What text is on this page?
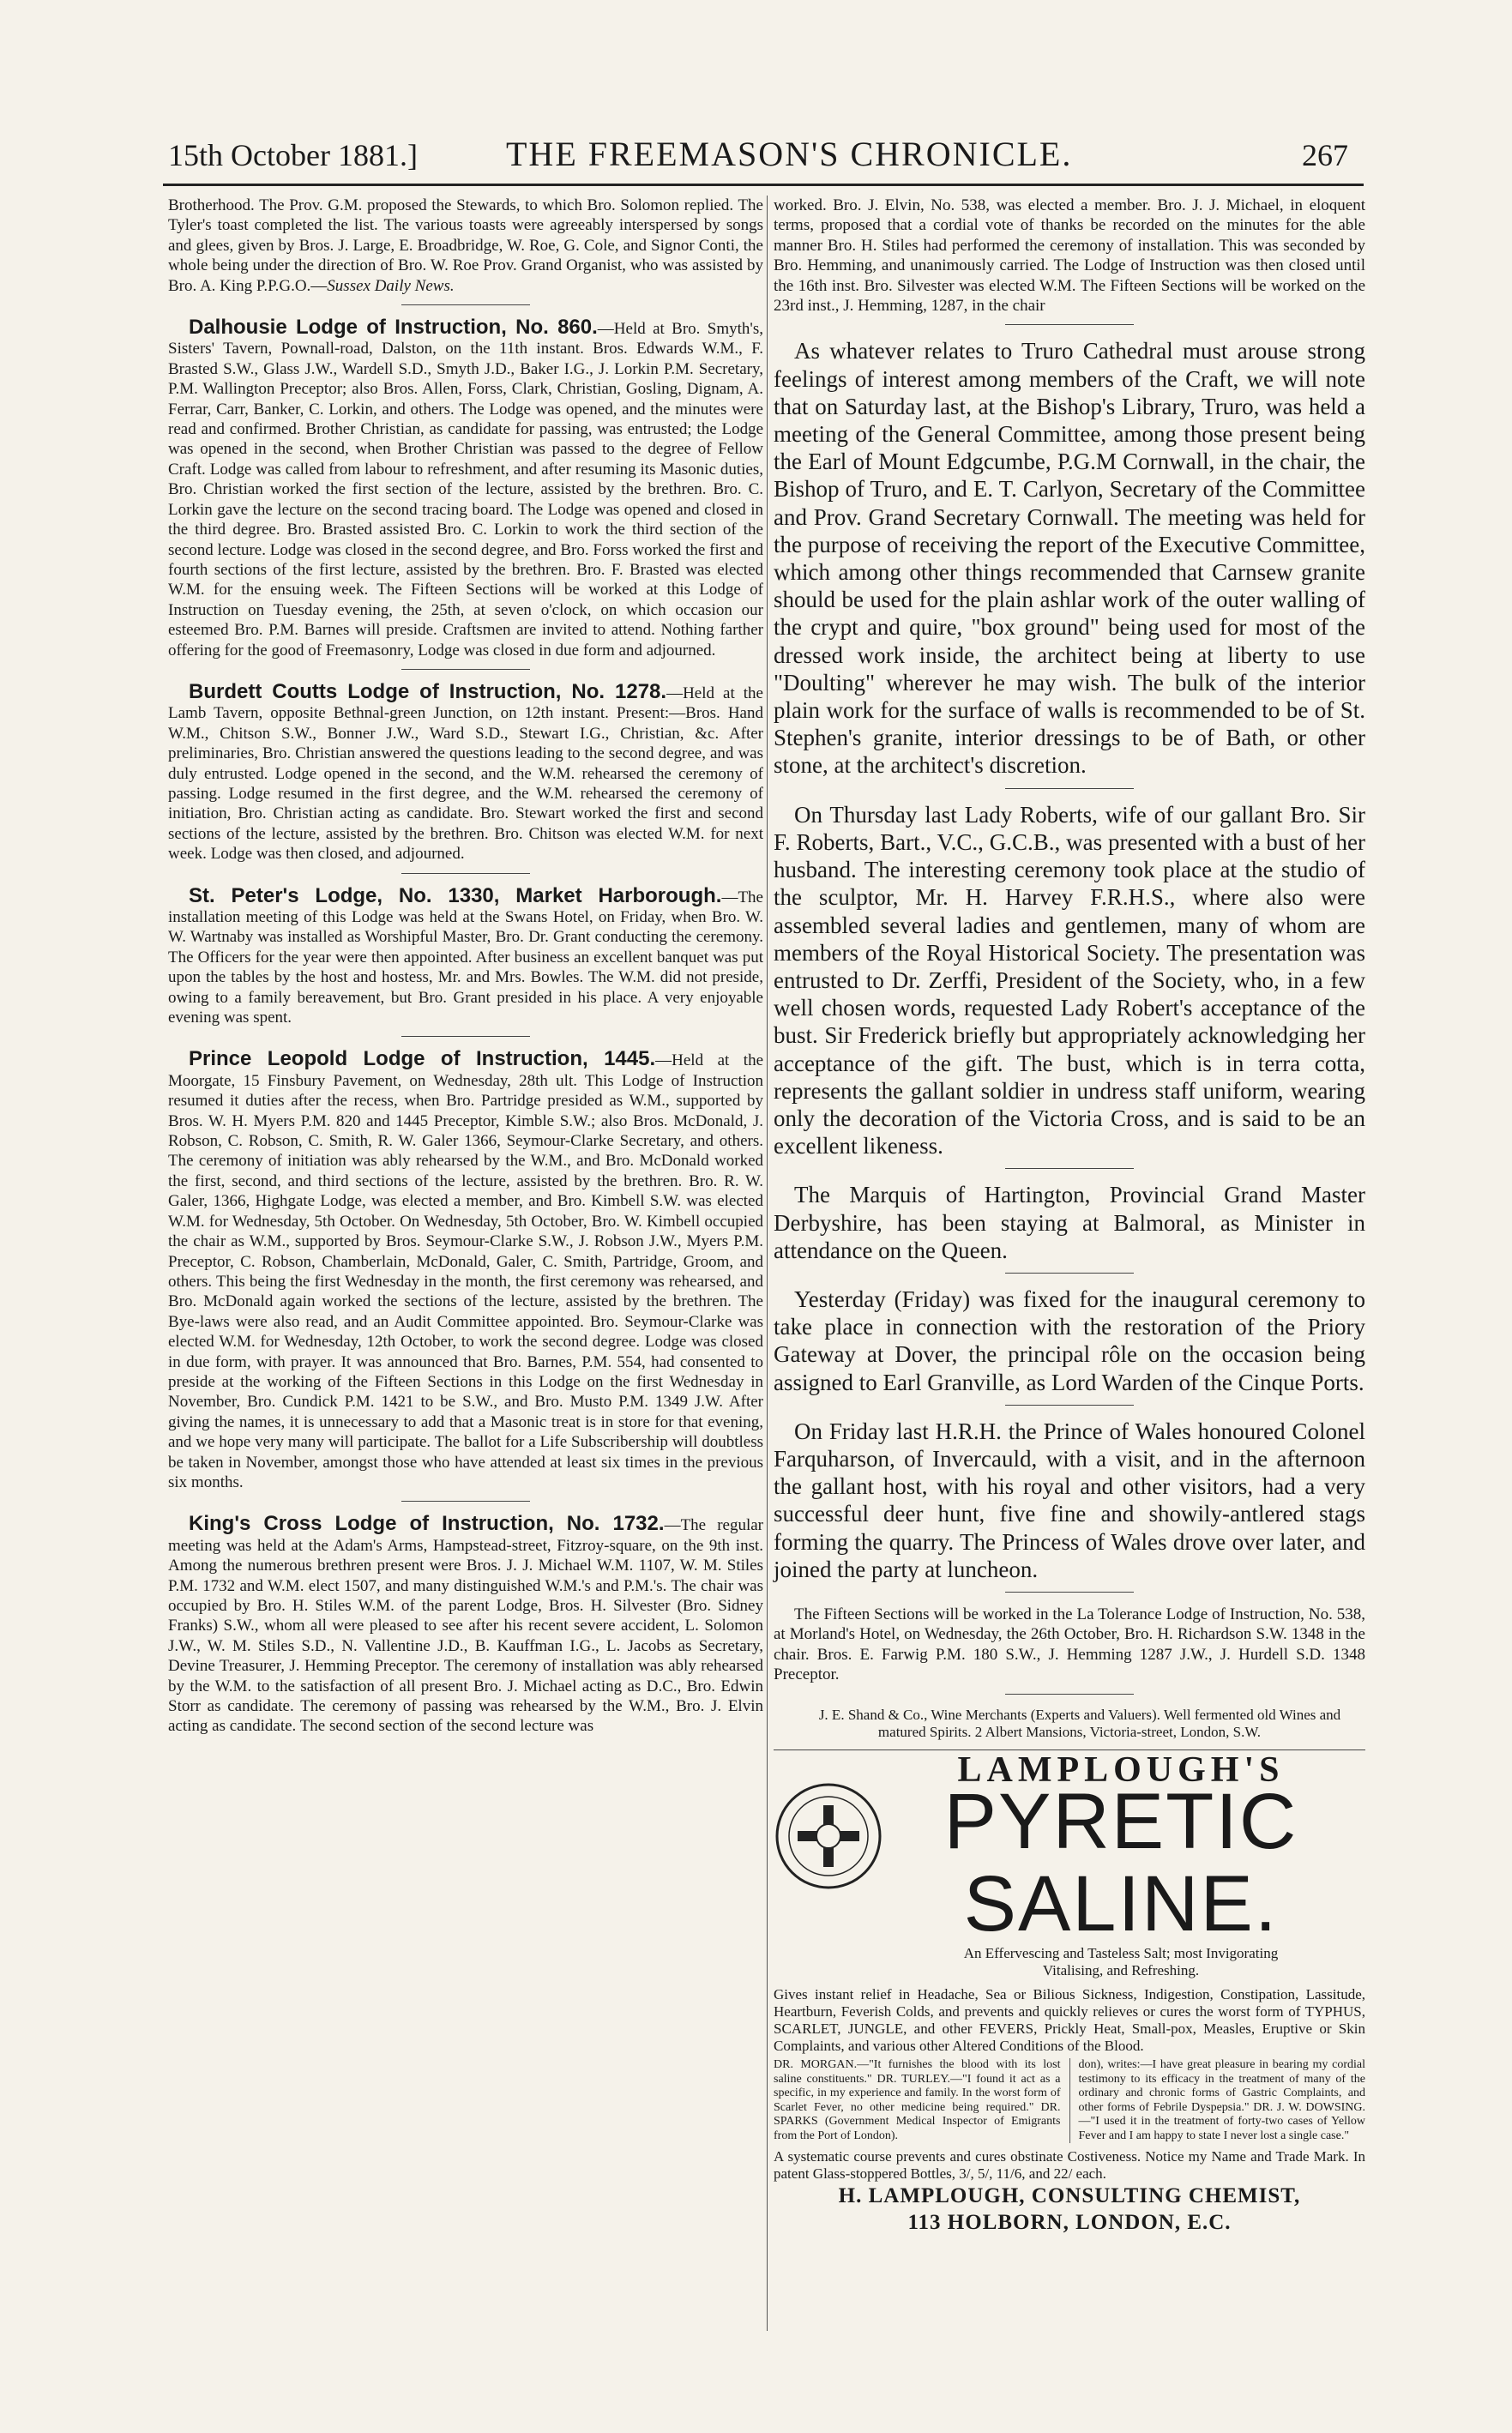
15th October 1881.]	THE FREEMASON'S CHRONICLE.	267

Brotherhood. The Prov. G.M. proposed the Stewards, to which Bro. Solomon replied. The Tyler's toast completed the list. The various toasts were agreeably interspersed by songs and glees, given by Bros. J. Large, E. Broadbridge, W. Roe, G. Cole, and Signor Conti, the whole being under the direction of Bro. W. Roe Prov. Grand Organist, who was assisted by Bro. A. King P.P.G.O.—Sussex Daily News.

Dalhousie Lodge of Instruction, No. 860.—Held at Bro. Smyth's, Sisters' Tavern, Pownall-road, Dalston, on the 11th instant. Bros. Edwards W.M., F. Brasted S.W., Glass J.W., Wardell S.D., Smyth J.D., Baker I.G., J. Lorkin P.M. Secretary, P.M. Wallington Preceptor; also Bros. Allen, Forss, Clark, Christian, Gosling, Dignam, A. Ferrar, Carr, Banker, C. Lorkin, and others. The Lodge was opened, and the minutes were read and confirmed. Brother Christian, as candidate for passing, was entrusted; the Lodge was opened in the second, when Brother Christian was passed to the degree of Fellow Craft. Lodge was called from labour to refreshment, and after resuming its Masonic duties, Bro. Christian worked the first section of the lecture, assisted by the brethren. Bro. C. Lorkin gave the lecture on the second tracing board. The Lodge was opened and closed in the third degree. Bro. Brasted assisted Bro. C. Lorkin to work the third section of the second lecture. Lodge was closed in the second degree, and Bro. Forss worked the first and fourth sections of the first lecture, assisted by the brethren. Bro. F. Brasted was elected W.M. for the ensuing week. The Fifteen Sections will be worked at this Lodge of Instruction on Tuesday evening, the 25th, at seven o'clock, on which occasion our esteemed Bro. P.M. Barnes will preside. Craftsmen are invited to attend. Nothing farther offering for the good of Freemasonry, Lodge was closed in due form and adjourned.

Burdett Coutts Lodge of Instruction, No. 1278.—Held at the Lamb Tavern, opposite Bethnal-green Junction, on 12th instant. Present:—Bros. Hand W.M., Chitson S.W., Bonner J.W., Ward S.D., Stewart I.G., Christian, &c. After preliminaries, Bro. Christian answered the questions leading to the second degree, and was duly entrusted. Lodge opened in the second, and the W.M. rehearsed the ceremony of passing. Lodge resumed in the first degree, and the W.M. rehearsed the ceremony of initiation, Bro. Christian acting as candidate. Bro. Stewart worked the first and second sections of the lecture, assisted by the brethren. Bro. Chitson was elected W.M. for next week. Lodge was then closed, and adjourned.

St. Peter's Lodge, No. 1330, Market Harborough.—The installation meeting of this Lodge was held at the Swans Hotel, on Friday, when Bro. W. W. Wartnaby was installed as Worshipful Master, Bro. Dr. Grant conducting the ceremony. The Officers for the year were then appointed. After business an excellent banquet was put upon the tables by the host and hostess, Mr. and Mrs. Bowles. The W.M. did not preside, owing to a family bereavement, but Bro. Grant presided in his place. A very enjoyable evening was spent.

Prince Leopold Lodge of Instruction, 1445.—Held at the Moorgate, 15 Finsbury Pavement, on Wednesday, 28th ult. This Lodge of Instruction resumed it duties after the recess, when Bro. Partridge presided as W.M., supported by Bros. W. H. Myers P.M. 820 and 1445 Preceptor, Kimble S.W.; also Bros. McDonald, J. Robson, C. Robson, C. Smith, R. W. Galer 1366, Seymour-Clarke Secretary, and others. The ceremony of initiation was ably rehearsed by the W.M., and Bro. McDonald worked the first, second, and third sections of the lecture, assisted by the brethren. Bro. R. W. Galer, 1366, Highgate Lodge, was elected a member, and Bro. Kimbell S.W. was elected W.M. for Wednesday, 5th October. On Wednesday, 5th October, Bro. W. Kimbell occupied the chair as W.M., supported by Bros. Seymour-Clarke S.W., J. Robson J.W., Myers P.M. Preceptor, C. Robson, Chamberlain, McDonald, Galer, C. Smith, Partridge, Groom, and others. This being the first Wednesday in the month, the first ceremony was rehearsed, and Bro. McDonald again worked the sections of the lecture, assisted by the brethren. The Bye-laws were also read, and an Audit Committee appointed. Bro. Seymour-Clarke was elected W.M. for Wednesday, 12th October, to work the second degree. Lodge was closed in due form, with prayer. It was announced that Bro. Barnes, P.M. 554, had consented to preside at the working of the Fifteen Sections in this Lodge on the first Wednesday in November, Bro. Cundick P.M. 1421 to be S.W., and Bro. Musto P.M. 1349 J.W. After giving the names, it is unnecessary to add that a Masonic treat is in store for that evening, and we hope very many will participate. The ballot for a Life Subscribership will doubtless be taken in November, amongst those who have attended at least six times in the previous six months.

King's Cross Lodge of Instruction, No. 1732.—The regular meeting was held at the Adam's Arms, Hampstead-street, Fitzroy-square, on the 9th inst. Among the numerous brethren present were Bros. J. J. Michael W.M. 1107, W. M. Stiles P.M. 1732 and W.M. elect 1507, and many distinguished W.M.'s and P.M.'s. The chair was occupied by Bro. H. Stiles W.M. of the parent Lodge, Bros. H. Silvester (Bro. Sidney Franks) S.W., whom all were pleased to see after his recent severe accident, L. Solomon J.W., W. M. Stiles S.D., N. Vallentine J.D., B. Kauffman I.G., L. Jacobs as Secretary, Devine Treasurer, J. Hemming Preceptor. The ceremony of installation was ably rehearsed by the W.M. to the satisfaction of all present Bro. J. Michael acting as D.C., Bro. Edwin Storr as candidate. The ceremony of passing was rehearsed by the W.M., Bro. J. Elvin acting as candidate. The second section of the second lecture was

worked. Bro. J. Elvin, No. 538, was elected a member. Bro. J. J. Michael, in eloquent terms, proposed that a cordial vote of thanks be recorded on the minutes for the able manner Bro. H. Stiles had performed the ceremony of installation. This was seconded by Bro. Hemming, and unanimously carried. The Lodge of Instruction was then closed until the 16th inst. Bro. Silvester was elected W.M. The Fifteen Sections will be worked on the 23rd inst., J. Hemming, 1287, in the chair

As whatever relates to Truro Cathedral must arouse strong feelings of interest among members of the Craft, we will note that on Saturday last, at the Bishop's Library, Truro, was held a meeting of the General Committee, among those present being the Earl of Mount Edgcumbe, P.G.M Cornwall, in the chair, the Bishop of Truro, and E. T. Carlyon, Secretary of the Committee and Prov. Grand Secretary Cornwall. The meeting was held for the purpose of receiving the report of the Executive Committee, which among other things recommended that Carnsew granite should be used for the plain ashlar work of the outer walling of the crypt and quire, "box ground" being used for most of the dressed work inside, the architect being at liberty to use "Doulting" wherever he may wish. The bulk of the interior plain work for the surface of walls is recommended to be of St. Stephen's granite, interior dressings to be of Bath, or other stone, at the architect's discretion.

On Thursday last Lady Roberts, wife of our gallant Bro. Sir F. Roberts, Bart., V.C., G.C.B., was presented with a bust of her husband. The interesting ceremony took place at the studio of the sculptor, Mr. H. Harvey F.R.H.S., where also were assembled several ladies and gentlemen, many of whom are members of the Royal Historical Society. The presentation was entrusted to Dr. Zerffi, President of the Society, who, in a few well chosen words, requested Lady Robert's acceptance of the bust. Sir Frederick briefly but appropriately acknowledging her acceptance of the gift. The bust, which is in terra cotta, represents the gallant soldier in undress staff uniform, wearing only the decoration of the Victoria Cross, and is said to be an excellent likeness.

The Marquis of Hartington, Provincial Grand Master Derbyshire, has been staying at Balmoral, as Minister in attendance on the Queen.

Yesterday (Friday) was fixed for the inaugural ceremony to take place in connection with the restoration of the Priory Gateway at Dover, the principal rôle on the occasion being assigned to Earl Granville, as Lord Warden of the Cinque Ports.

On Friday last H.R.H. the Prince of Wales honoured Colonel Farquharson, of Invercauld, with a visit, and in the afternoon the gallant host, with his royal and other visitors, had a very successful deer hunt, five fine and showily-antlered stags forming the quarry. The Princess of Wales drove over later, and joined the party at luncheon.

The Fifteen Sections will be worked in the La Tolerance Lodge of Instruction, No. 538, at Morland's Hotel, on Wednesday, the 26th October, Bro. H. Richardson S.W. 1348 in the chair. Bros. E. Farwig P.M. 180 S.W., J. Hemming 1287 J.W., J. Hurdell S.D. 1348 Preceptor.

J. E. Shand & Co., Wine Merchants (Experts and Valuers). Well fermented old Wines and matured Spirits. 2 Albert Mansions, Victoria-street, London, S.W.

LAMPLOUGH'S
PYRETIC SALINE.
An Effervescing and Tasteless Salt; most Invigorating
Vitalising, and Refreshing.

Gives instant relief in Headache, Sea or Bilious Sickness, Indigestion, Constipation, Lassitude, Heartburn, Feverish Colds, and prevents and quickly relieves or cures the worst form of TYPHUS, SCARLET, JUNGLE, and other FEVERS, Prickly Heat, Small-pox, Measles, Eruptive or Skin Complaints, and various other Altered Conditions of the Blood.

DR. MORGAN.—"It furnishes the blood with its lost saline constituents." DR. TURLEY.—"I found it act as a specific, in my experience and family. In the worst form of Scarlet Fever, no other medicine being required." DR. SPARKS (Government Medical Inspector of Emigrants from the Port of London).
don), writes:—I have great pleasure in bearing my cordial testimony to its efficacy in the treatment of many of the ordinary and chronic forms of Gastric Complaints, and other forms of Febrile Dyspepsia." DR. J. W. DOWSING.—"I used it in the treatment of forty-two cases of Yellow Fever and I am happy to state I never lost a single case."

A systematic course prevents and cures obstinate Costiveness. Notice my Name and Trade Mark. In patent Glass-stoppered Bottles, 3/, 5/, 11/6, and 22/ each.

H. LAMPLOUGH, CONSULTING CHEMIST,
113 HOLBORN, LONDON, E.C.
